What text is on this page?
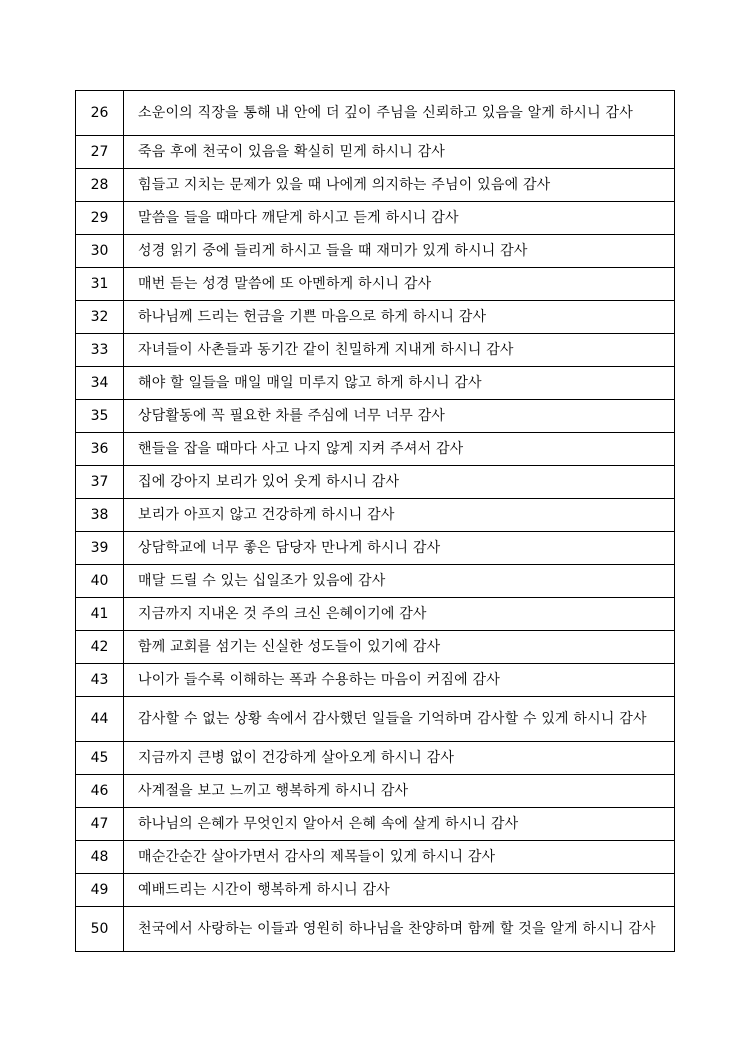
26	소운이의 직장을 통해 내 안에 더 깊이 주님을 신뢰하고 있음을 알게 하시니 감사
27	죽음 후에 천국이 있음을 확실히 믿게 하시니 감사
28	힘들고 지치는 문제가 있을 때 나에게 의지하는 주님이 있음에 감사
29	말씀을 들을 때마다 깨닫게 하시고 듣게 하시니 감사
30	성경 읽기 중에 들리게 하시고 들을 때 재미가 있게 하시니 감사
31	매번 듣는 성경 말씀에 또 아멘하게 하시니 감사
32	하나님께 드리는 헌금을 기쁜 마음으로 하게 하시니 감사
33	자녀들이 사촌들과 동기간 같이 친밀하게 지내게 하시니 감사
34	해야 할 일들을 매일 매일 미루지 않고 하게 하시니 감사
35	상담활동에 꼭 필요한 차를 주심에 너무 너무 감사
36	핸들을 잡을 때마다 사고 나지 않게 지켜 주셔서 감사
37	집에 강아지 보리가 있어 웃게 하시니 감사
38	보리가 아프지 않고 건강하게 하시니 감사
39	상담학교에 너무 좋은 담당자 만나게 하시니 감사
40	매달 드릴 수 있는 십일조가 있음에 감사
41	지금까지 지내온 것 주의 크신 은혜이기에 감사
42	함께 교회를 섬기는 신실한 성도들이 있기에 감사
43	나이가 들수록 이해하는 폭과 수용하는 마음이 커짐에 감사
44	감사할 수 없는 상황 속에서 감사했던 일들을 기억하며 감사할 수 있게 하시니 감사
45	지금까지 큰병 없이 건강하게 살아오게 하시니 감사
46	사계절을 보고 느끼고 행복하게 하시니 감사
47	하나님의 은혜가 무엇인지 알아서 은혜 속에 살게 하시니 감사
48	매순간순간 살아가면서 감사의 제목들이 있게 하시니 감사
49	예배드리는 시간이 행복하게 하시니 감사
50	천국에서 사랑하는 이들과 영원히 하나님을 찬양하며 함께 할 것을 알게 하시니 감사
